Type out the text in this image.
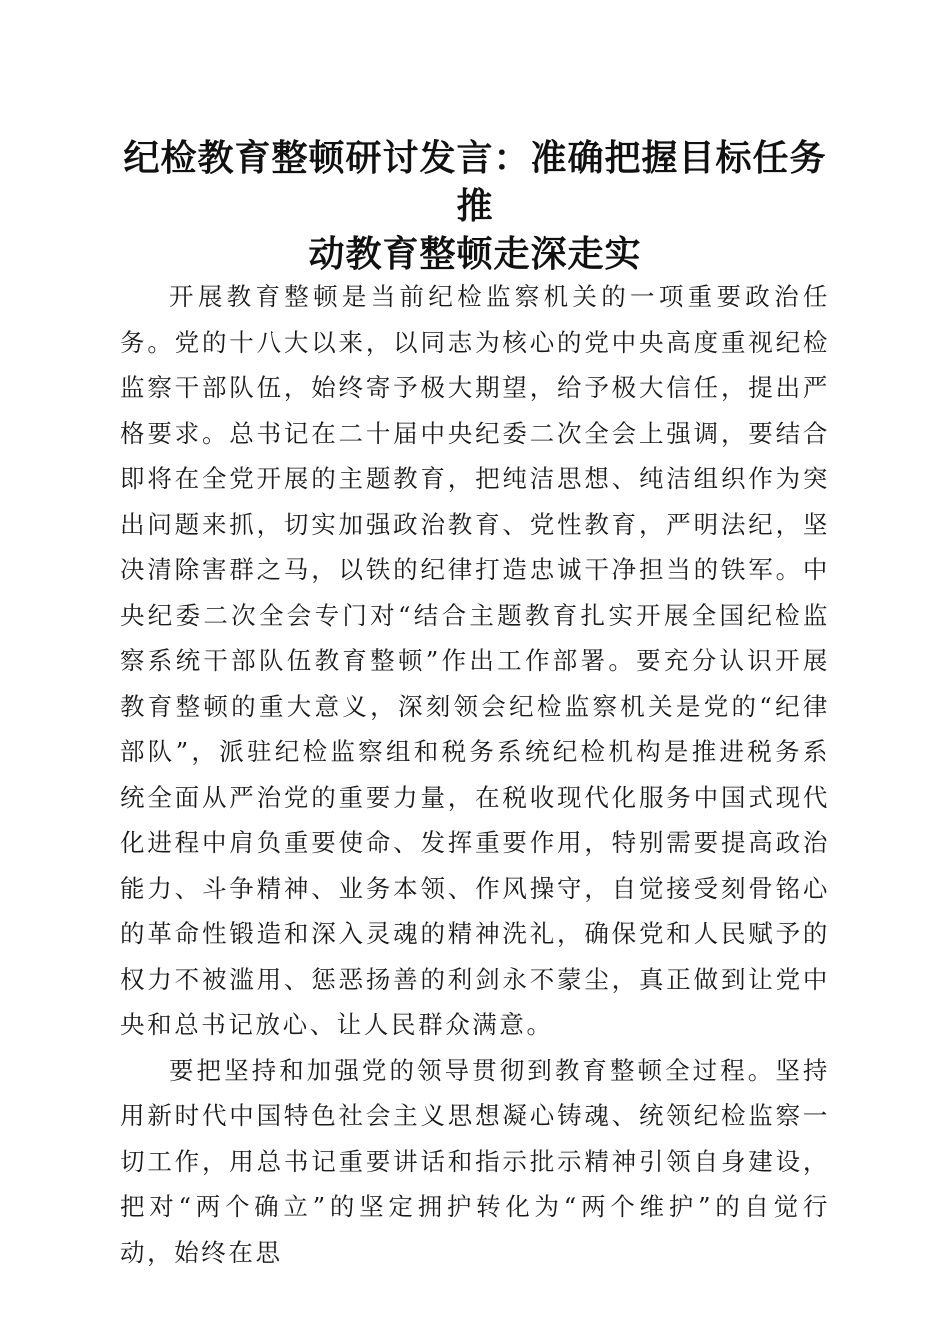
纪检教育整顿研讨发言：准确把握目标任务推
动教育整顿走深走实

开展教育整顿是当前纪检监察机关的一项重要政治任务。党的十八大以来，以同志为核心的党中央高度重视纪检监察干部队伍，始终寄予极大期望，给予极大信任，提出严格要求。总书记在二十届中央纪委二次全会上强调，要结合即将在全党开展的主题教育，把纯洁思想、纯洁组织作为突出问题来抓，切实加强政治教育、党性教育，严明法纪，坚决清除害群之马，以铁的纪律打造忠诚干净担当的铁军。中央纪委二次全会专门对“结合主题教育扎实开展全国纪检监察系统干部队伍教育整顿”作出工作部署。要充分认识开展教育整顿的重大意义，深刻领会纪检监察机关是党的“纪律部队”，派驻纪检监察组和税务系统纪检机构是推进税务系统全面从严治党的重要力量，在税收现代化服务中国式现代化进程中肩负重要使命、发挥重要作用，特别需要提高政治能力、斗争精神、业务本领、作风操守，自觉接受刻骨铭心的革命性锻造和深入灵魂的精神洗礼，确保党和人民赋予的权力不被滥用、惩恶扬善的利剑永不蒙尘，真正做到让党中央和总书记放心、让人民群众满意。

要把坚持和加强党的领导贯彻到教育整顿全过程。坚持用新时代中国特色社会主义思想凝心铸魂、统领纪检监察一切工作，用总书记重要讲话和指示批示精神引领自身建设，把对“两个确立”的坚定拥护转化为“两个维护”的自觉行动，始终在思
